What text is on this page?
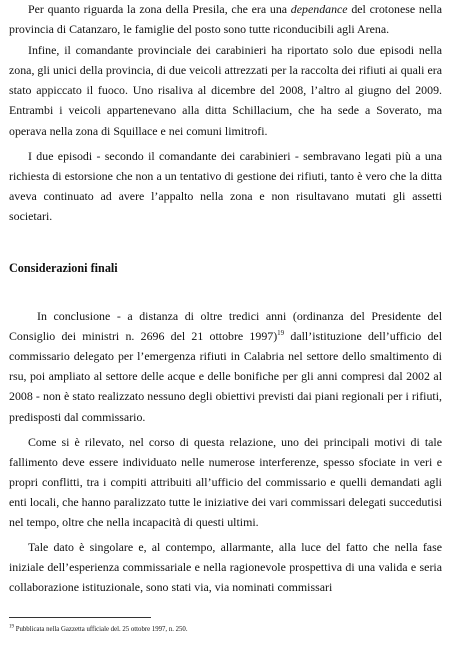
Per quanto riguarda la zona della Presila, che era una dependance del crotonese nella provincia di Catanzaro, le famiglie del posto sono tutte riconducibili agli Arena.

Infine, il comandante provinciale dei carabinieri ha riportato solo due episodi nella zona, gli unici della provincia, di due veicoli attrezzati per la raccolta dei rifiuti ai quali era stato appiccato il fuoco. Uno risaliva al dicembre del 2008, l’altro al giugno del 2009. Entrambi i veicoli appartenevano alla ditta Schillacium, che ha sede a Soverato, ma operava nella zona di Squillace e nei comuni limitrofi.

I due episodi - secondo il comandante dei carabinieri - sembravano legati più a una richiesta di estorsione che non a un tentativo di gestione dei rifiuti, tanto è vero che la ditta aveva continuato ad avere l’appalto nella zona e non risultavano mutati gli assetti societari.

Considerazioni finali

In conclusione - a distanza di oltre tredici anni (ordinanza del Presidente del Consiglio dei ministri n. 2696 del 21 ottobre 1997)$^{19}$ dall’istituzione dell’ufficio del commissario delegato per l’emergenza rifiuti in Calabria nel settore dello smaltimento di rsu, poi ampliato al settore delle acque e delle bonifiche per gli anni compresi dal 2002 al 2008 - non è stato realizzato nessuno degli obiettivi previsti dai piani regionali per i rifiuti, predisposti dal commissario.

Come si è rilevato, nel corso di questa relazione, uno dei principali motivi di tale fallimento deve essere individuato nelle numerose interferenze, spesso sfociate in veri e propri conflitti, tra i compiti attribuiti all’ufficio del commissario e quelli demandati agli enti locali, che hanno paralizzato tutte le iniziative dei vari commissari delegati succedutisi nel tempo, oltre che nella incapacità di questi ultimi.

Tale dato è singolare e, al contempo, allarmante, alla luce del fatto che nella fase iniziale dell’esperienza commissariale e nella ragionevole prospettiva di una valida e seria collaborazione istituzionale, sono stati via, via nominati commissari

$^{19}$ Pubblicata nella Gazzetta ufficiale del. 25 ottobre 1997, n. 250.
